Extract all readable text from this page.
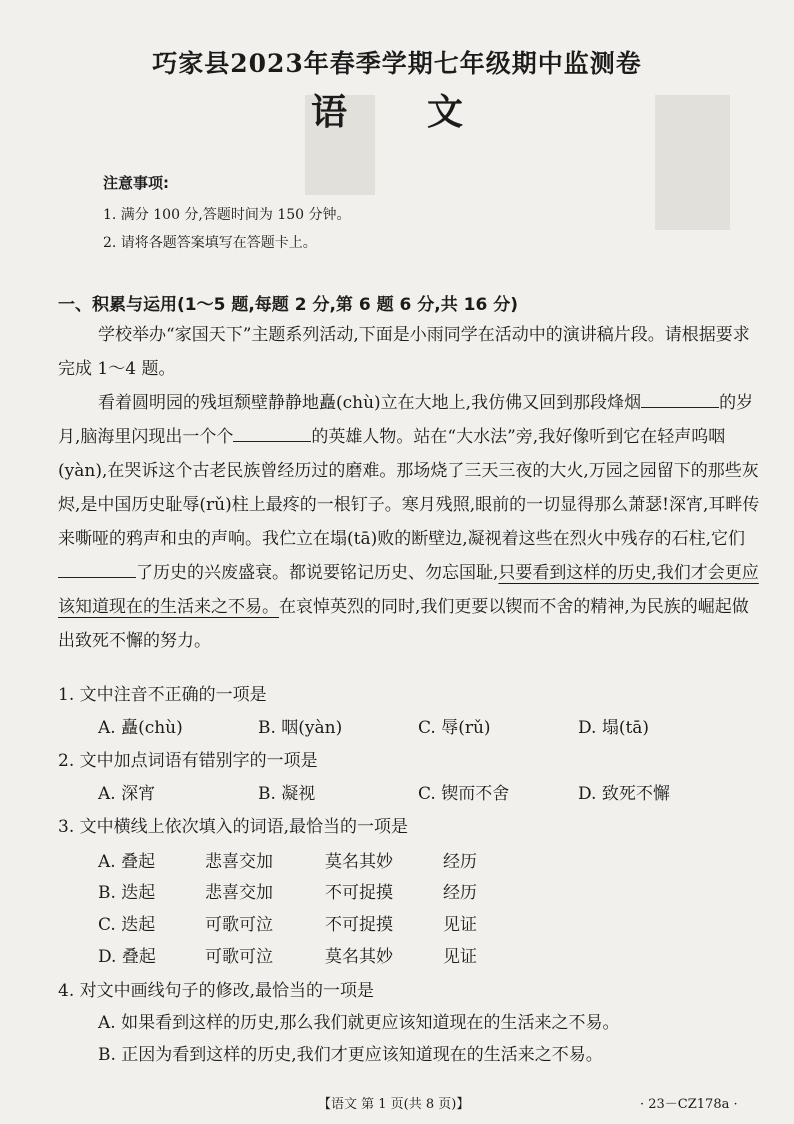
巧家县2023年春季学期七年级期中监测卷
语文
注意事项:
1. 满分 100 分,答题时间为 150 分钟。
2. 请将各题答案填写在答题卡上。
一、积累与运用(1～5 题,每题 2 分,第 6 题 6 分,共 16 分)
学校举办“家国天下”主题系列活动,下面是小雨同学在活动中的演讲稿片段。请根据要求完成 1～4 题。
看着圆明园的残垣颓壁静静地矗(chù)立在大地上,我仿佛又回到那段烽烟	的岁月,脑海里闪现出一个个	的英雄人物。站在“大水法”旁,我好像听到它在轻声呜咽(yàn),在哭诉这个古老民族曾经历过的磨难。那场烧了三天三夜的大火,万园之园留下的那些灰烬,是中国历史耻辱(rǔ)柱上最疼的一根钉子。寒月残照,眼前的一切显得那么萧瑟!深宵,耳畔传来嘶哑的鸦声和虫的声响。我伫立在塌(tā)败的断壁边,凝视着这些在烈火中残存的石柱,它们了历史的兴废盛衰。都说要铭记历史、勿忘国耻,只要看到这样的历史,我们才会更应该知道现在的生活来之不易。在哀悼英烈的同时,我们更要以锲而不舍的精神,为民族的崛起做出致死不懈的努力。
1. 文中注音不正确的一项是
A. 矗(chù)	B. 咽(yàn)	C. 辱(rǔ)	D. 塌(tā)
2. 文中加点词语有错别字的一项是
A. 深宵	B. 凝视	C. 锲而不舍	D. 致死不懈
3. 文中横线上依次填入的词语,最恰当的一项是
A. 叠起	悲喜交加	莫名其妙	经历
B. 迭起	悲喜交加	不可捉摸	经历
C. 迭起	可歌可泣	不可捉摸	见证
D. 叠起	可歌可泣	莫名其妙	见证
4. 对文中画线句子的修改,最恰当的一项是
A. 如果看到这样的历史,那么我们就更应该知道现在的生活来之不易。
B. 正因为看到这样的历史,我们才更应该知道现在的生活来之不易。
【语文 第 1 页(共 8 页)】	· 23－CZ178a ·
